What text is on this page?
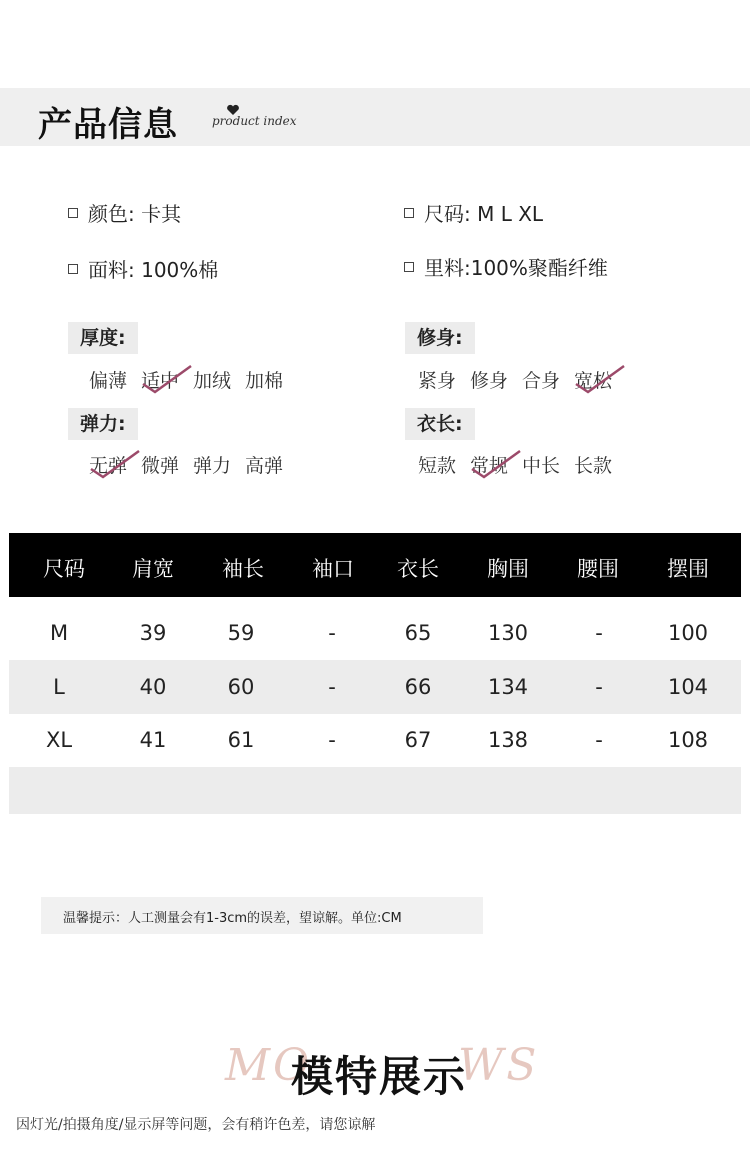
产品信息	product index
颜色: 卡其	尺码: M L XL
面料: 100%棉	里料:100%聚酯纤维
厚度:
偏薄 适中 加绒 加棉
修身:
紧身 修身 合身 宽松
弹力:
无弹 微弹 弹力 高弹
衣长:
短款 常规 中长 长款
尺码 肩宽 袖长 袖口 衣长 胸围 腰围 摆围
M	39	59	-	65	130	-	100
L	40	60	-	66	134	-	104
XL	41	61	-	67	138	-	108
温馨提示：人工测量会有1-3cm的误差，望谅解。单位:CM
MO	WS
模特展示
因灯光/拍摄角度/显示屏等问题，会有稍许色差，请您谅解
